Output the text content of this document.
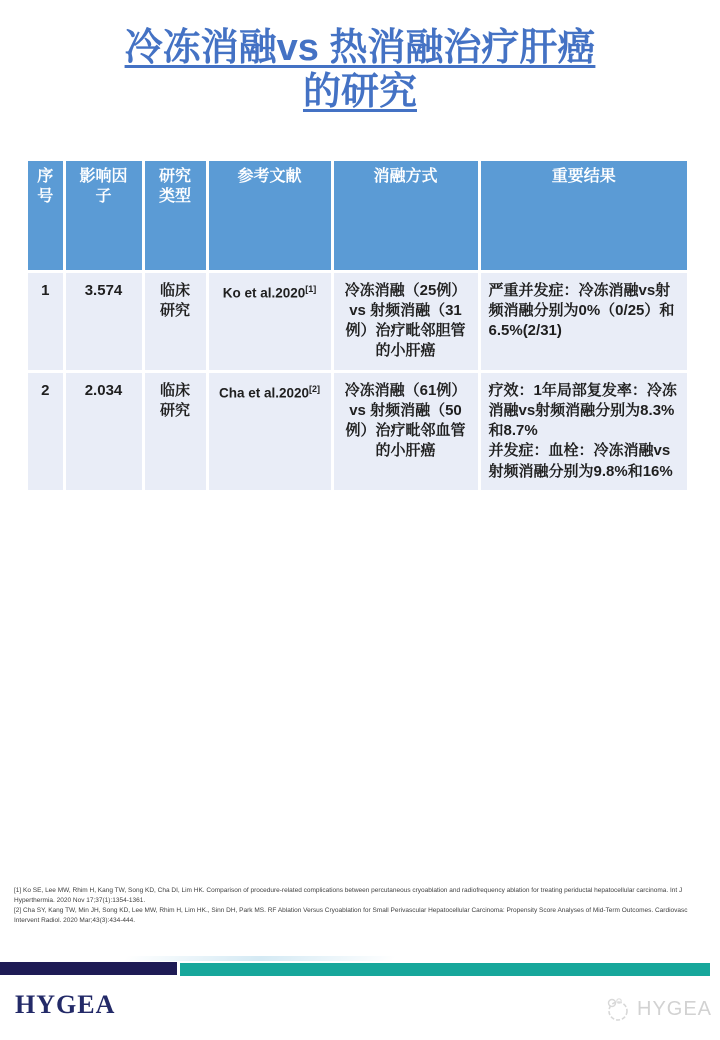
冷冻消融vs 热消融治疗肝癌
的研究
序号	影响因子	研究类型	参考文献	消融方式	重要结果
1	3.574	临床研究	Ko et al.2020[1]	冷冻消融（25例）vs 射频消融（31例）治疗毗邻胆管的小肝癌	严重并发症：冷冻消融vs射频消融分别为0%（0/25）和6.5%(2/31)

2	2.034	临床研究	Cha et al.2020[2]	冷冻消融（61例）vs 射频消融（50例）治疗毗邻血管的小肝癌	疗效：1年局部复发率：冷冻消融vs射频消融分别为8.3%和8.7%

并发症：血栓：冷冻消融vs射频消融分别为9.8%和16%

[1] Ko SE, Lee MW, Rhim H, Kang TW, Song KD, Cha DI, Lim HK. Comparison of procedure-related complications between percutaneous cryoablation and radiofrequency ablation for treating periductal hepatocellular carcinoma. Int J Hyperthermia. 2020 Nov 17;37(1):1354-1361.

[2] Cha SY, Kang TW, Min JH, Song KD, Lee MW, Rhim H, Lim HK., Sinn DH, Park MS. RF Ablation Versus Cryoablation for Small Perivascular Hepatocellular Carcinoma: Propensity Score Analyses of Mid-Term Outcomes. Cardiovasc Intervent Radiol. 2020 Mar;43(3):434-444.

HYGEA	HYGEA
